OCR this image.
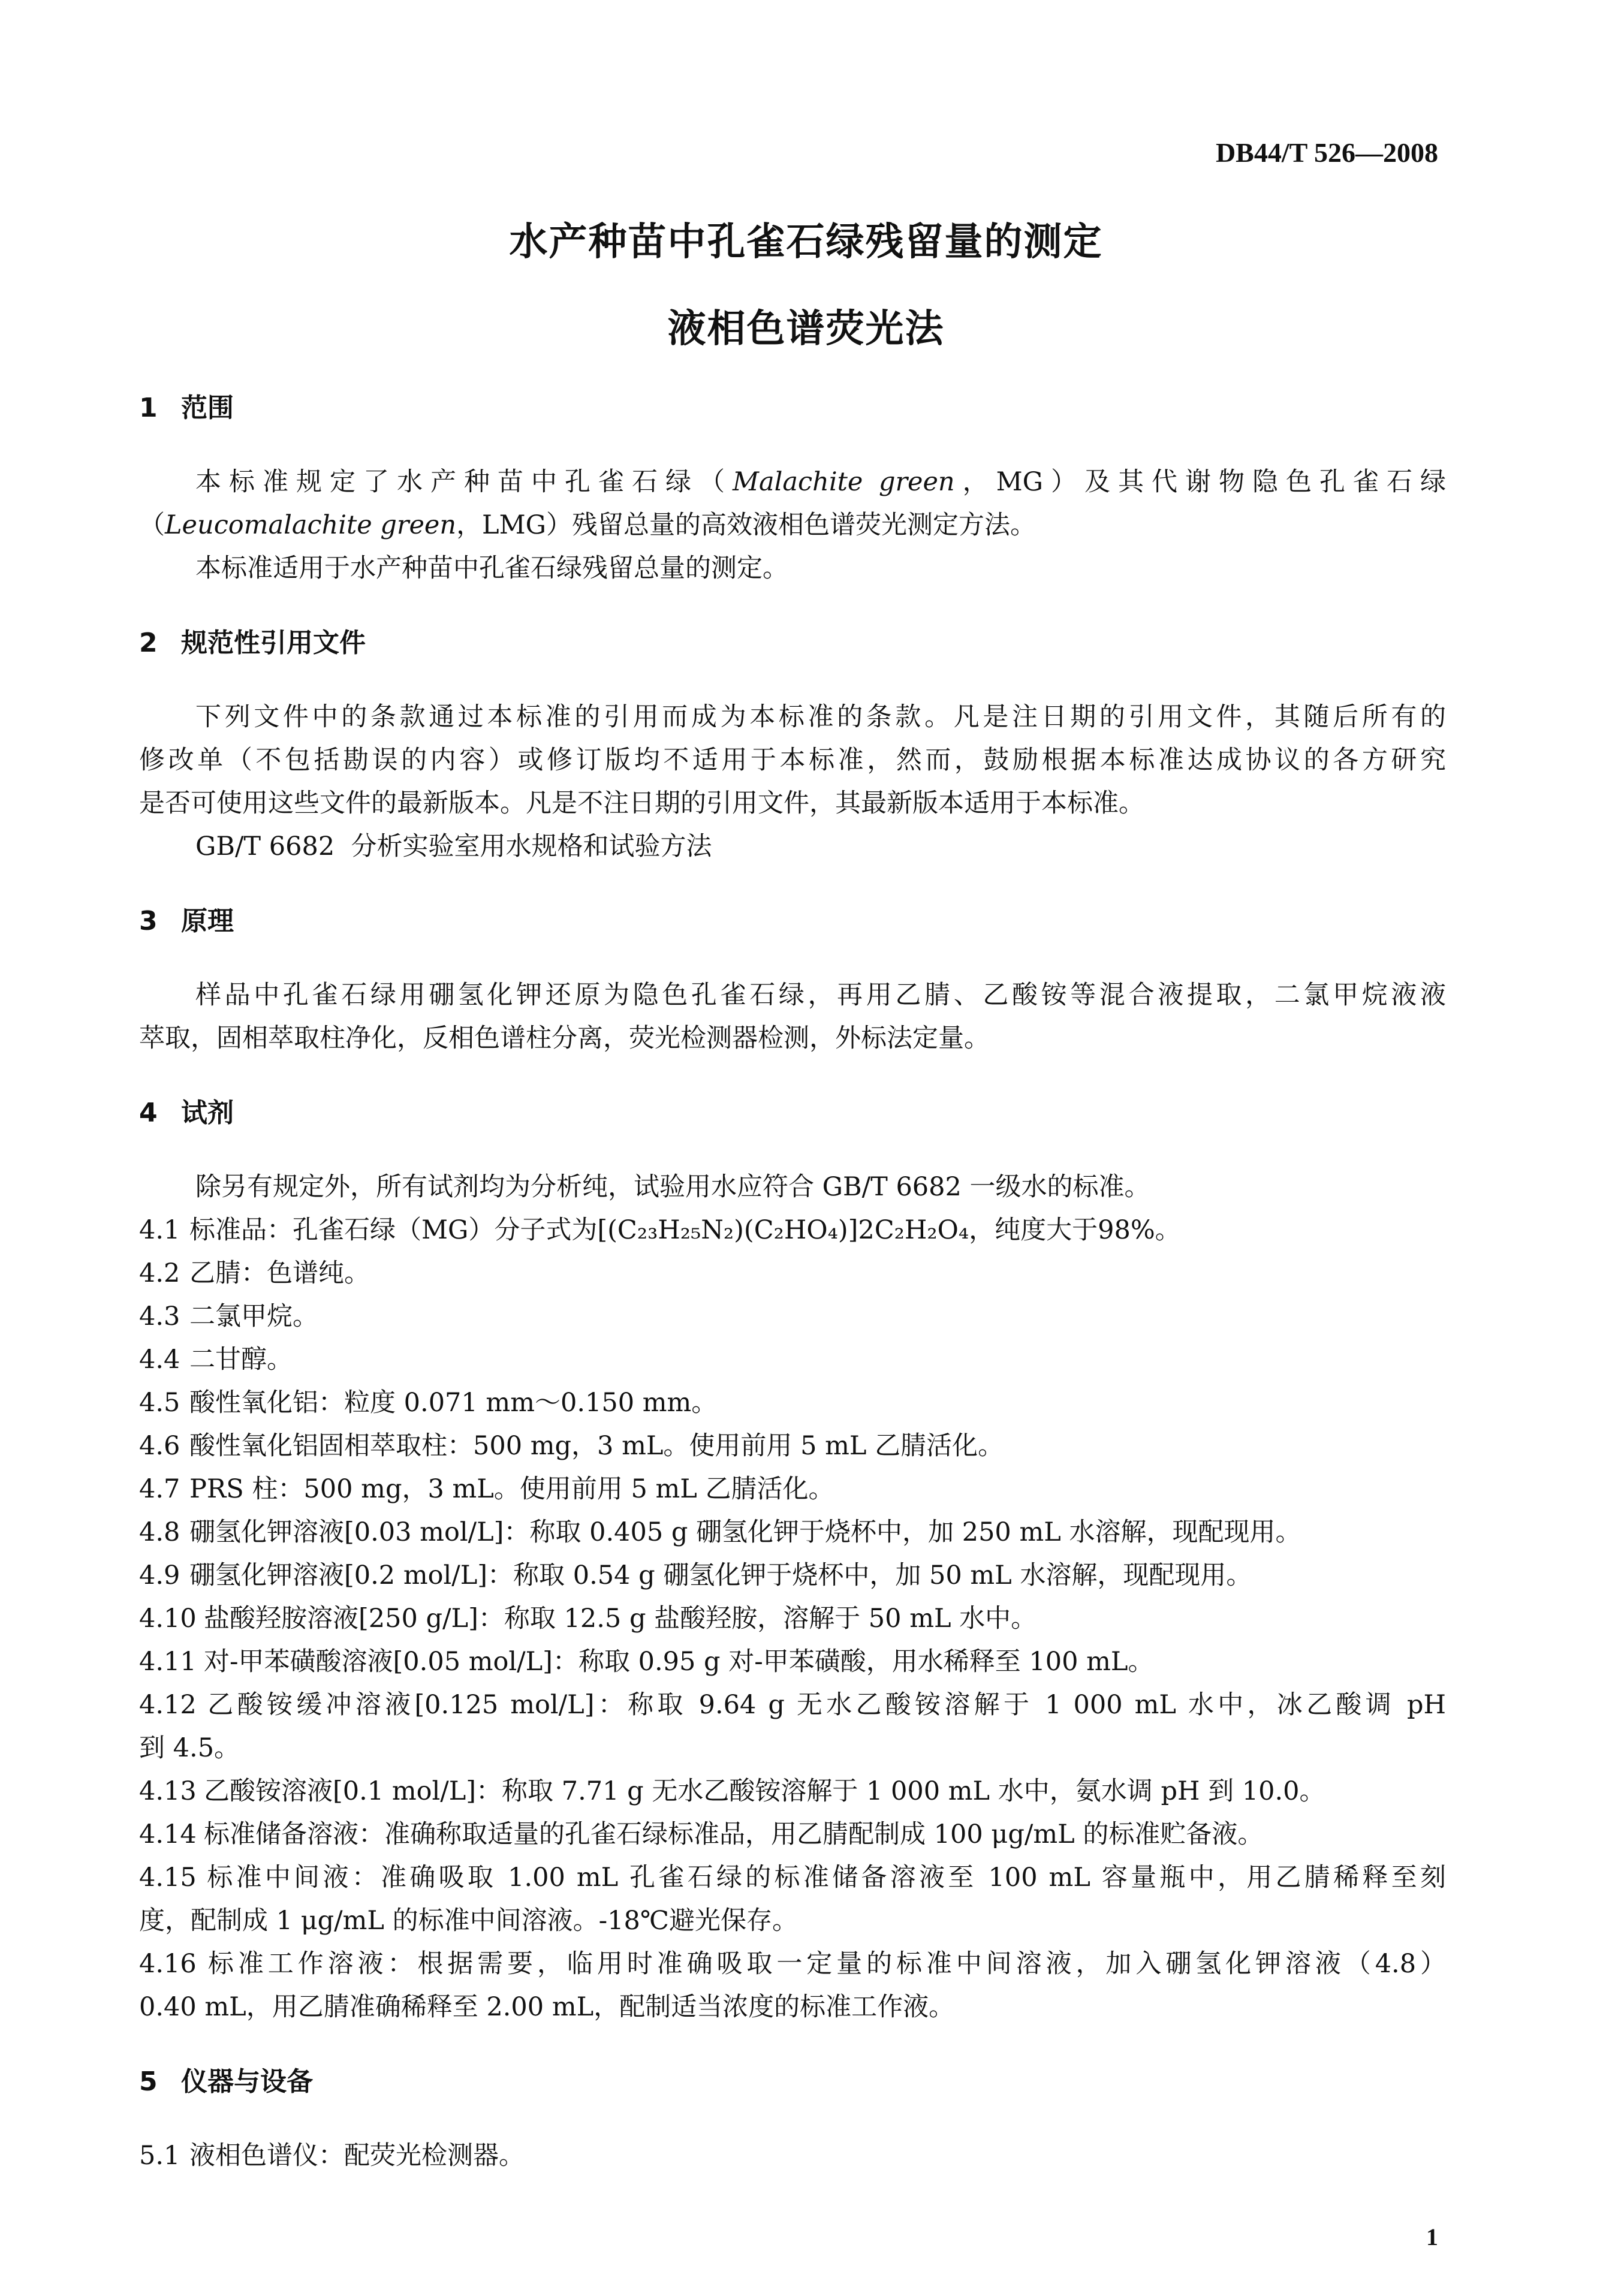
DB44/T 526—2008
水产种苗中孔雀石绿残留量的测定
液相色谱荧光法
1 范围
本标准规定了水产种苗中孔雀石绿（Malachite green，MG）及其代谢物隐色孔雀石绿
（Leucomalachite green，LMG）残留总量的高效液相色谱荧光测定方法。
本标准适用于水产种苗中孔雀石绿残留总量的测定。
2 规范性引用文件
下列文件中的条款通过本标准的引用而成为本标准的条款。凡是注日期的引用文件，其随后所有的
修改单（不包括勘误的内容）或修订版均不适用于本标准，然而，鼓励根据本标准达成协议的各方研究
是否可使用这些文件的最新版本。凡是不注日期的引用文件，其最新版本适用于本标准。
GB/T 6682  分析实验室用水规格和试验方法
3 原理
样品中孔雀石绿用硼氢化钾还原为隐色孔雀石绿，再用乙腈、乙酸铵等混合液提取，二氯甲烷液液
萃取，固相萃取柱净化，反相色谱柱分离，荧光检测器检测，外标法定量。
4 试剂
除另有规定外，所有试剂均为分析纯，试验用水应符合 GB/T 6682 一级水的标准。
4.1 标准品：孔雀石绿（MG）分子式为[(C₂₃H₂₅N₂)(C₂HO₄)]2C₂H₂O₄，纯度大于98%。
4.2 乙腈：色谱纯。
4.3 二氯甲烷。
4.4 二甘醇。
4.5 酸性氧化铝：粒度 0.071 mm～0.150 mm。
4.6 酸性氧化铝固相萃取柱：500 mg，3 mL。使用前用 5 mL 乙腈活化。
4.7 PRS 柱：500 mg，3 mL。使用前用 5 mL 乙腈活化。
4.8 硼氢化钾溶液[0.03 mol/L]：称取 0.405 g 硼氢化钾于烧杯中，加 250 mL 水溶解，现配现用。
4.9 硼氢化钾溶液[0.2 mol/L]：称取 0.54 g 硼氢化钾于烧杯中，加 50 mL 水溶解，现配现用。
4.10 盐酸羟胺溶液[250 g/L]：称取 12.5 g 盐酸羟胺，溶解于 50 mL 水中。
4.11 对-甲苯磺酸溶液[0.05 mol/L]：称取 0.95 g 对-甲苯磺酸，用水稀释至 100 mL。
4.12 乙酸铵缓冲溶液[0.125 mol/L]：称取 9.64 g 无水乙酸铵溶解于 1 000 mL 水中，冰乙酸调 pH
到 4.5。
4.13 乙酸铵溶液[0.1 mol/L]：称取 7.71 g 无水乙酸铵溶解于 1 000 mL 水中，氨水调 pH 到 10.0。
4.14 标准储备溶液：准确称取适量的孔雀石绿标准品，用乙腈配制成 100 μg/mL 的标准贮备液。
4.15 标准中间液：准确吸取 1.00 mL 孔雀石绿的标准储备溶液至 100 mL 容量瓶中，用乙腈稀释至刻
度，配制成 1 μg/mL 的标准中间溶液。-18℃避光保存。
4.16 标准工作溶液：根据需要，临用时准确吸取一定量的标准中间溶液，加入硼氢化钾溶液（4.8）
0.40 mL，用乙腈准确稀释至 2.00 mL，配制适当浓度的标准工作液。
5 仪器与设备
5.1 液相色谱仪：配荧光检测器。
1
